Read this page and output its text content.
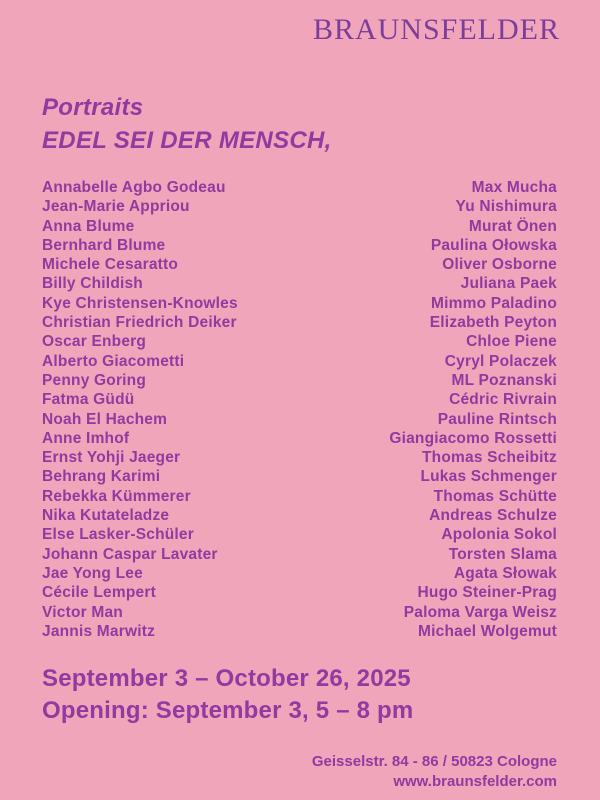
BRAUNSFELDER
Portraits
EDEL SEI DER MENSCH,
Annabelle Agbo Godeau
Jean-Marie Appriou
Anna Blume
Bernhard Blume
Michele Cesaratto
Billy Childish
Kye Christensen-Knowles
Christian Friedrich Deiker
Oscar Enberg
Alberto Giacometti
Penny Goring
Fatma Güdü
Noah El Hachem
Anne Imhof
Ernst Yohji Jaeger
Behrang Karimi
Rebekka Kümmerer
Nika Kutateladze
Else Lasker-Schüler
Johann Caspar Lavater
Jae Yong Lee
Cécile Lempert
Victor Man
Jannis Marwitz
Max Mucha
Yu Nishimura
Murat Önen
Paulina Ołowska
Oliver Osborne
Juliana Paek
Mimmo Paladino
Elizabeth Peyton
Chloe Piene
Cyryl Polaczek
ML Poznanski
Cédric Rivrain
Pauline Rintsch
Giangiacomo Rossetti
Thomas Scheibitz
Lukas Schmenger
Thomas Schütte
Andreas Schulze
Apolonia Sokol
Torsten Slama
Agata Słowak
Hugo Steiner-Prag
Paloma Varga Weisz
Michael Wolgemut
September 3 – October 26, 2025
Opening: September 3, 5 – 8 pm
Geisselstr. 84 - 86 / 50823 Cologne
www.braunsfelder.com
